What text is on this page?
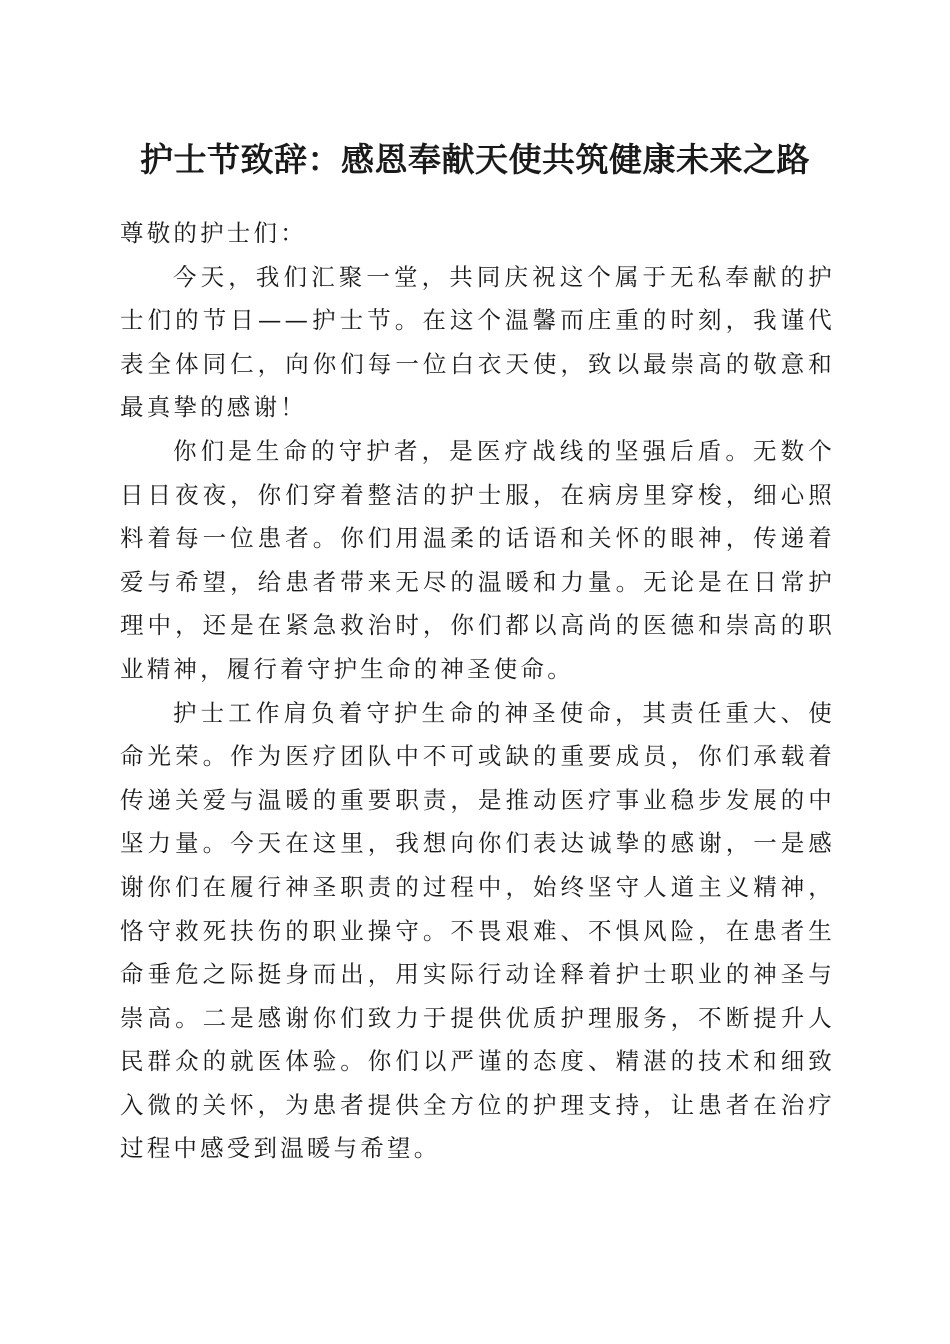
护士节致辞：感恩奉献天使共筑健康未来之路

尊敬的护士们：

今天，我们汇聚一堂，共同庆祝这个属于无私奉献的护士们的节日——护士节。在这个温馨而庄重的时刻，我谨代表全体同仁，向你们每一位白衣天使，致以最崇高的敬意和最真挚的感谢！

你们是生命的守护者，是医疗战线的坚强后盾。无数个日日夜夜，你们穿着整洁的护士服，在病房里穿梭，细心照料着每一位患者。你们用温柔的话语和关怀的眼神，传递着爱与希望，给患者带来无尽的温暖和力量。无论是在日常护理中，还是在紧急救治时，你们都以高尚的医德和崇高的职业精神，履行着守护生命的神圣使命。

护士工作肩负着守护生命的神圣使命，其责任重大、使命光荣。作为医疗团队中不可或缺的重要成员，你们承载着传递关爱与温暖的重要职责，是推动医疗事业稳步发展的中坚力量。今天在这里，我想向你们表达诚挚的感谢，一是感谢你们在履行神圣职责的过程中，始终坚守人道主义精神，恪守救死扶伤的职业操守。不畏艰难、不惧风险，在患者生命垂危之际挺身而出，用实际行动诠释着护士职业的神圣与崇高。二是感谢你们致力于提供优质护理服务，不断提升人民群众的就医体验。你们以严谨的态度、精湛的技术和细致入微的关怀，为患者提供全方位的护理支持，让患者在治疗过程中感受到温暖与希望。
